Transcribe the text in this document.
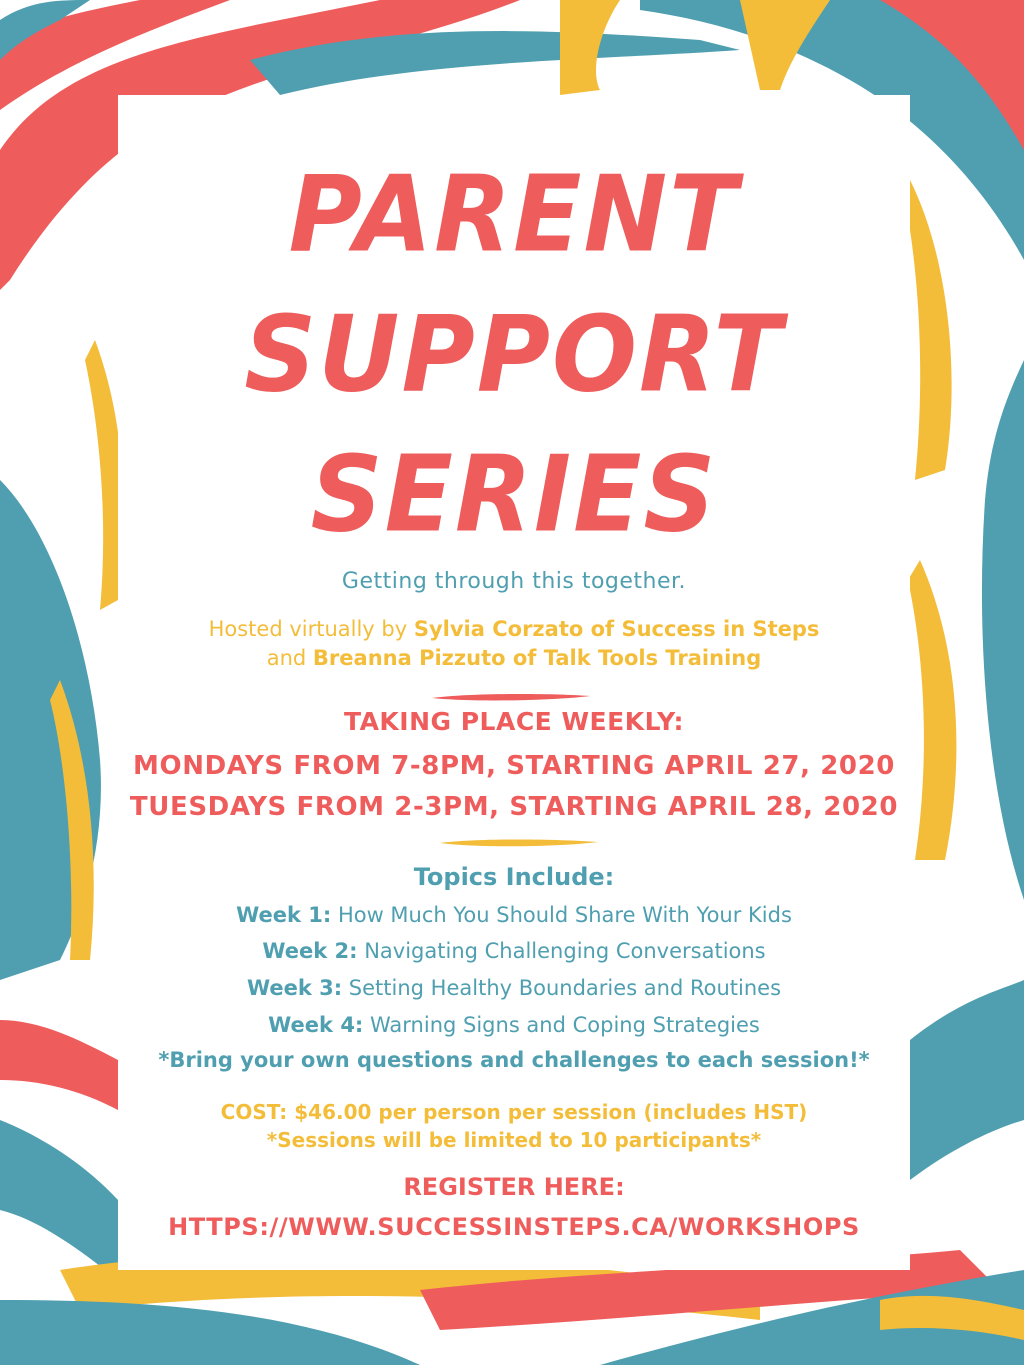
PARENT
SUPPORT
SERIES
Getting through this together.
Hosted virtually by Sylvia Corzato of Success in Steps
and Breanna Pizzuto of Talk Tools Training
TAKING PLACE WEEKLY:
MONDAYS FROM 7-8PM, STARTING APRIL 27, 2020
TUESDAYS FROM 2-3PM, STARTING APRIL 28, 2020
Topics Include:
Week 1: How Much You Should Share With Your Kids
Week 2: Navigating Challenging Conversations
Week 3: Setting Healthy Boundaries and Routines
Week 4: Warning Signs and Coping Strategies
*Bring your own questions and challenges to each session!*
COST: $46.00 per person per session (includes HST)
*Sessions will be limited to 10 participants*
REGISTER HERE:
HTTPS://WWW.SUCCESSINSTEPS.CA/WORKSHOPS
